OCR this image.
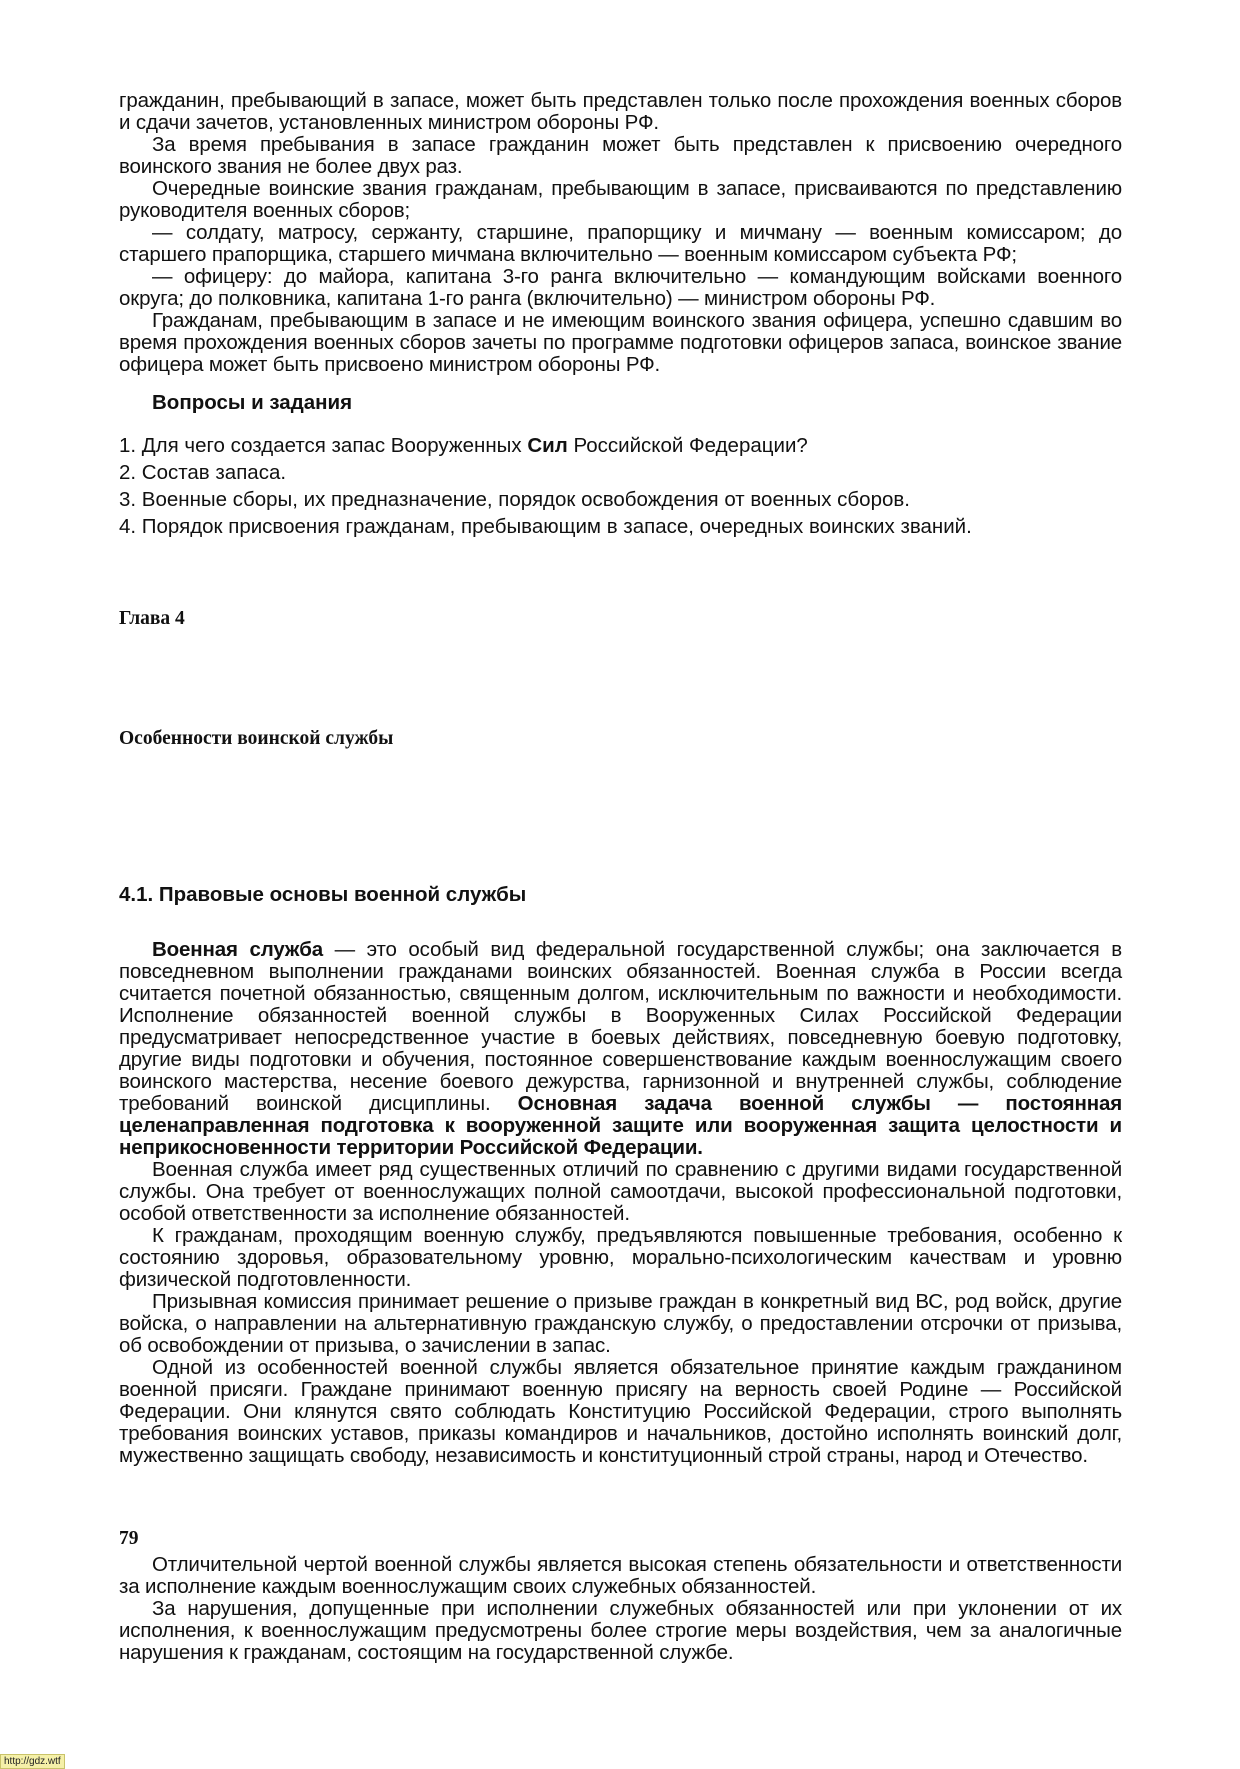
гражданин, пребывающий в запасе, может быть представлен только после прохождения военных сборов и сдачи зачетов, установленных министром обороны РФ.

За время пребывания в запасе гражданин может быть представлен к присвоению очередного воинского звания не более двух раз.

Очередные воинские звания гражданам, пребывающим в запасе, присваиваются по представлению руководителя военных сборов;

— солдату, матросу, сержанту, старшине, прапорщику и мичману — военным комиссаром; до старшего прапорщика, старшего мичмана включительно — военным комиссаром субъекта РФ;

— офицеру: до майора, капитана 3-го ранга включительно — командующим войсками военного округа; до полковника, капитана 1-го ранга (включительно) — министром обороны РФ.

Гражданам, пребывающим в запасе и не имеющим воинского звания офицера, успешно сдавшим во время прохождения военных сборов зачеты по программе подготовки офицеров запаса, воинское звание офицера может быть присвоено министром обороны РФ.

Вопросы и задания
1. Для чего создается запас Вооруженных Сил Российской Федерации?
2. Состав запаса.
3. Военные сборы, их предназначение, порядок освобождения от военных сборов.
4. Порядок присвоения гражданам, пребывающим в запасе, очередных воинских званий.
Глава 4
Особенности воинской службы
4.1. Правовые основы военной службы

Военная служба — это особый вид федеральной государственной службы; она заключается в повседневном выполнении гражданами воинских обязанностей. Военная служба в России всегда считается почетной обязанностью, священным долгом, исключительным по важности и необходимости. Исполнение обязанностей военной службы в Вооруженных Силах Российской Федерации предусматривает непосредственное участие в боевых действиях, повседневную боевую подготовку, другие виды подготовки и обучения, постоянное совершенствование каждым военнослужащим своего воинского мастерства, несение боевого дежурства, гарнизонной и внутренней службы, соблюдение требований воинской дисциплины. Основная задача военной службы — постоянная целенаправленная подготовка к вооруженной защите или вооруженная защита целостности и неприкосновенности территории Российской Федерации.

Военная служба имеет ряд существенных отличий по сравнению с другими видами государственной службы. Она требует от военнослужащих полной самоотдачи, высокой профессиональной подготовки, особой ответственности за исполнение обязанностей.

К гражданам, проходящим военную службу, предъявляются повышенные требования, особенно к состоянию здоровья, образовательному уровню, морально-психологическим качествам и уровню физической подготовленности.

Призывная комиссия принимает решение о призыве граждан в конкретный вид ВС, род войск, другие войска, о направлении на альтернативную гражданскую службу, о предоставлении отсрочки от призыва, об освобождении от призыва, о зачислении в запас.

Одной из особенностей военной службы является обязательное принятие каждым гражданином военной присяги. Граждане принимают военную присягу на верность своей Родине — Российской Федерации. Они клянутся свято соблюдать Конституцию Российской Федерации, строго выполнять требования воинских уставов, приказы командиров и начальников, достойно исполнять воинский долг, мужественно защищать свободу, независимость и конституционный строй страны, народ и Отечество.

79

Отличительной чертой военной службы является высокая степень обязательности и ответственности за исполнение каждым военнослужащим своих служебных обязанностей.

За нарушения, допущенные при исполнении служебных обязанностей или при уклонении от их исполнения, к военнослужащим предусмотрены более строгие меры воздействия, чем за аналогичные нарушения к гражданам, состоящим на государственной службе.

http://gdz.wtf
